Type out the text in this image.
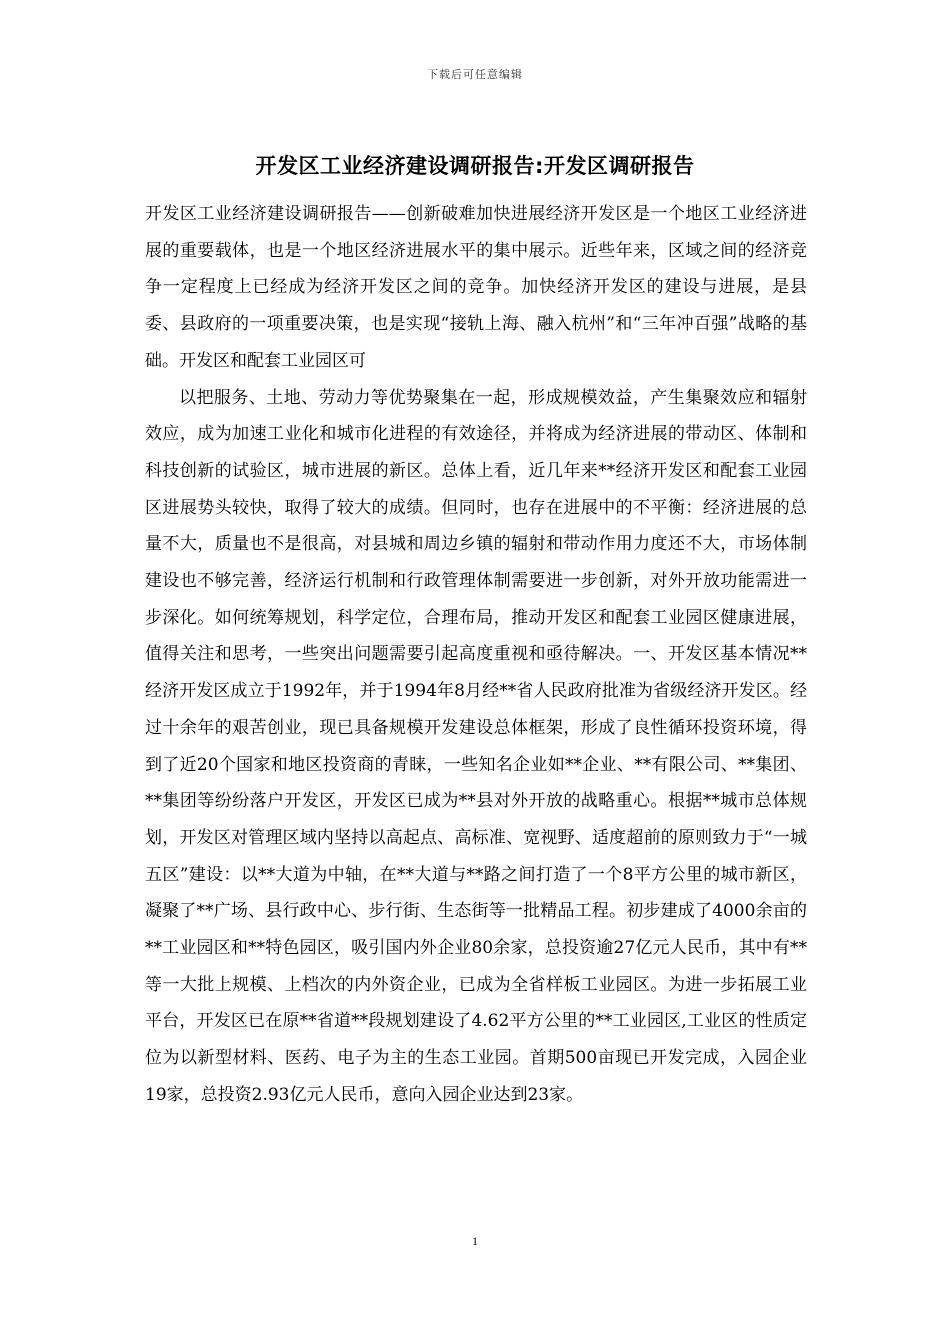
下载后可任意编辑
开发区工业经济建设调研报告:开发区调研报告

开发区工业经济建设调研报告——创新破难加快进展经济开发区是一个地区工业经济进展的重要载体，也是一个地区经济进展水平的集中展示。近些年来，区域之间的经济竞争一定程度上已经成为经济开发区之间的竞争。加快经济开发区的建设与进展，是县委、县政府的一项重要决策，也是实现“接轨上海、融入杭州”和“三年冲百强”战略的基础。开发区和配套工业园区可

以把服务、土地、劳动力等优势聚集在一起，形成规模效益，产生集聚效应和辐射效应，成为加速工业化和城市化进程的有效途径，并将成为经济进展的带动区、体制和科技创新的试验区，城市进展的新区。总体上看，近几年来**经济开发区和配套工业园区进展势头较快，取得了较大的成绩。但同时，也存在进展中的不平衡：经济进展的总量不大，质量也不是很高，对县城和周边乡镇的辐射和带动作用力度还不大，市场体制建设也不够完善，经济运行机制和行政管理体制需要进一步创新，对外开放功能需进一步深化。如何统筹规划，科学定位，合理布局，推动开发区和配套工业园区健康进展，值得关注和思考，一些突出问题需要引起高度重视和亟待解决。一、开发区基本情况**经济开发区成立于1992年，并于1994年8月经**省人民政府批准为省级经济开发区。经过十余年的艰苦创业，现已具备规模开发建设总体框架，形成了良性循环投资环境，得到了近20个国家和地区投资商的青睐，一些知名企业如**企业、**有限公司、**集团、**集团等纷纷落户开发区，开发区已成为**县对外开放的战略重心。根据**城市总体规划，开发区对管理区域内坚持以高起点、高标准、宽视野、适度超前的原则致力于“一城五区”建设：以**大道为中轴，在**大道与**路之间打造了一个8平方公里的城市新区，凝聚了**广场、县行政中心、步行街、生态街等一批精品工程。初步建成了4000余亩的**工业园区和**特色园区，吸引国内外企业80余家，总投资逾27亿元人民币，其中有**等一大批上规模、上档次的内外资企业，已成为全省样板工业园区。为进一步拓展工业平台，开发区已在原**省道**段规划建设了4.62平方公里的**工业园区,工业区的性质定位为以新型材料、医药、电子为主的生态工业园。首期500亩现已开发完成，入园企业19家，总投资2.93亿元人民币，意向入园企业达到23家。

1
